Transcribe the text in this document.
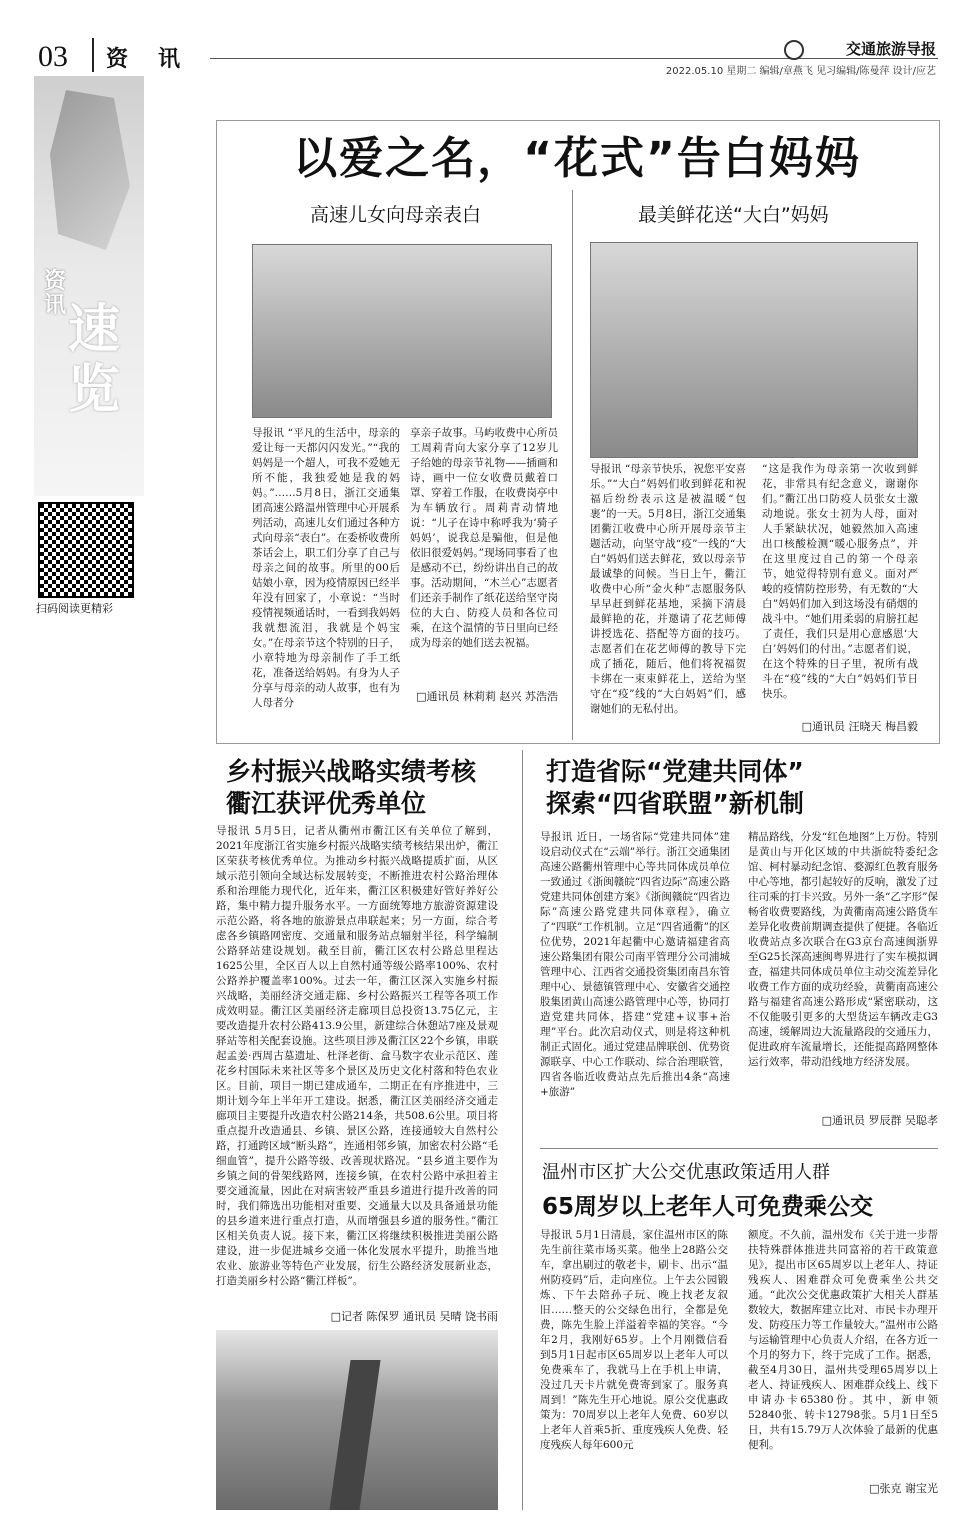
03 资讯	交通旅游导报
2022.05.10 星期二 编辑/章燕飞 见习编辑/陈曼萍 设计/应艺
资讯 速览
扫码阅读更精彩
以爱之名，“花式”告白妈妈
高速儿女向母亲表白
导报讯 “平凡的生活中，母亲的爱让每一天都闪闪发光。”“我的妈妈是一个超人，可我不爱她无所不能，我独爱她是我的妈妈。”……5月8日，浙江交通集团高速公路温州管理中心开展系列活动，高速儿女们通过各种方式向母亲“表白”。在委桥收费所茶话会上，职工们分享了自己与母亲之间的故事。所里的00后姑娘小章，因为疫情原因已经半年没有回家了，小章说：“当时疫情视频通话时，一看到我妈妈我就想流泪，我就是个妈宝女。”在母亲节这个特别的日子，小章特地为母亲制作了手工纸花，准备送给妈妈。有身为人子分享与母亲的动人故事，也有为人母者分
享亲子故事。马屿收费中心所员工周莉青向大家分享了12岁儿子给她的母亲节礼物——插画和诗，画中一位女收费员戴着口罩、穿着工作服，在收费岗亭中为车辆放行。周莉青动情地说：“儿子在诗中称呼我为‘骑子妈妈’，说我总是骗他，但是他依旧很爱妈妈。”现场同事看了也是感动不已，纷纷讲出自己的故事。活动期间，“木兰心”志愿者们还亲手制作了纸花送给坚守岗位的大白、防疫人员和各位司乘，在这个温情的节日里向已经成为母亲的她们送去祝福。
□通讯员 林莉莉 赵兴 苏浩浩
最美鲜花送“大白”妈妈
导报讯 “母亲节快乐，祝您平安喜乐。”“大白”妈妈们收到鲜花和祝福后纷纷表示这是被温暖“包裹”的一天。5月8日，浙江交通集团衢江收费中心所开展母亲节主题活动，向坚守战“疫”一线的“大白”妈妈们送去鲜花，致以母亲节最诚挚的问候。当日上午，衢江收费中心所“金火种”志愿服务队早早赶到鲜花基地，采摘下清晨最鲜艳的花，并邀请了花艺师傅讲授选花、搭配等方面的技巧。志愿者们在花艺师傅的教导下完成了插花，随后，他们将祝福贺卡绑在一束束鲜花上，送给为坚守在“疫”线的“大白妈妈”们，感谢她们的无私付出。
“这是我作为母亲第一次收到鲜花，非常具有纪念意义，谢谢你们。”衢江出口防疫人员张女士激动地说。张女士初为人母，面对人手紧缺状况，她毅然加入高速出口核酸检测“暖心服务点”，并在这里度过自己的第一个母亲节，她觉得特别有意义。面对严峻的疫情防控形势，有无数的“大白”妈妈们加入到这场没有硝烟的战斗中。“她们用柔弱的肩膀扛起了责任，我们只是用心意感恩‘大白’妈妈们的付出。”志愿者们说，在这个特殊的日子里，祝所有战斗在“疫”线的“大白”妈妈们节日快乐。
□通讯员 汪晓天 梅昌毅
乡村振兴战略实绩考核
衢江获评优秀单位
导报讯 5月5日，记者从衢州市衢江区有关单位了解到，2021年度浙江省实施乡村振兴战略实绩考核结果出炉，衢江区荣获考核优秀单位。为推动乡村振兴战略提质扩面，从区域示范引领向全域达标发展转变，不断推进农村公路治理体系和治理能力现代化，近年来，衢江区积极建好管好养好公路，集中精力提升服务水平。一方面统筹地方旅游资源建设示范公路，将各地的旅游景点串联起来；另一方面，综合考虑各乡镇路网密度、交通量和服务站点辐射半径，科学编制公路驿站建设规划。截至目前，衢江区农村公路总里程达1625公里，全区百人以上自然村通等级公路率100%、农村公路养护覆盖率100%。过去一年，衢江区深入实施乡村振兴战略，美丽经济交通走廊、乡村公路振兴工程等各项工作成效明显。衢江区美丽经济走廊项目总投资13.75亿元，主要改造提升农村公路413.9公里，新建综合休憩站7座及景观驿站等相关配套设施。这些项目涉及衢江区22个乡镇，串联起孟姜·西周古墓遗址、杜泽老街、盒马数字农业示范区、莲花乡村国际未来社区等多个景区及历史文化村落和特色农业区。目前，项目一期已建成通车，二期正在有序推进中，三期计划今年上半年开工建设。据悉，衢江区美丽经济交通走廊项目主要提升改造农村公路214条，共508.6公里。项目将重点提升改造通县、乡镇、景区公路，连接通较大自然村公路，打通跨区域“断头路”，连通相邻乡镇，加密农村公路“毛细血管”，提升公路等级、改善现状路况。“县乡道主要作为乡镇之间的骨架线路网，连接乡镇，在农村公路中承担着主要交通流量，因此在对病害较严重县乡道进行提升改善的同时，我们筛选出功能相对重要、交通量大以及具备通景功能的县乡道来进行重点打造，从而增强县乡道的服务性。”衢江区相关负责人说。接下来，衢江区将继续积极推进美丽公路建设，进一步促进城乡交通一体化发展水平提升，助推当地农业、旅游业等特色产业发展，衍生公路经济发展新业态，打造美丽乡村公路“衢江样板”。
□记者 陈保罗 通讯员 吴晴 饶书雨
打造省际“党建共同体”
探索“四省联盟”新机制
导报讯 近日，一场省际“党建共同体”建设启动仪式在“云端”举行。浙江交通集团高速公路衢州管理中心等共同体成员单位一致通过《浙闽赣皖“四省边际”高速公路党建共同体创建方案》《浙闽赣皖“四省边际”高速公路党建共同体章程》，确立了“四联”工作机制。立足“四省通衢”的区位优势，2021年起衢中心邀请福建省高速公路集团有限公司南平管理分公司浦城管理中心、江西省交通投资集团南昌东管理中心、景德镇管理中心、安徽省交通控股集团黄山高速公路管理中心等，协同打造党建共同体，搭建“党建+议事+治理”平台。此次启动仪式，则是将这种机制正式固化。通过党建品牌联创、优势资源联享、中心工作联动、综合治理联管，四省各临近收费站点先后推出4条“高速+旅游”
精品路线，分发“红色地图”上万份。特别是黄山与开化区域的中共浙皖特委纪念馆、柯村暴动纪念馆、婺源红色教育服务中心等地，都引起较好的反响，激发了过往司乘的打卡兴致。另外一条“乙字形”保畅省收费要路线，为黄衢南高速公路货车差异化收费前期调查提供了便捷。各临近收费站点多次联合在G3京台高速闽浙界至G25长深高速闽粤界进行了实车模拟调查，福建共同体成员单位主动交流差异化收费工作方面的成功经验，黄衢南高速公路与福建省高速公路形成“紧密联动，这不仅能吸引更多的大型货运车辆改走G3高速，缓解周边大流量路段的交通压力，促进政府车流量增长，还能提高路网整体运行效率，带动沿线地方经济发展。
□通讯员 罗辰群 吴聪孝
温州市区扩大公交优惠政策适用人群
65周岁以上老年人可免费乘公交
导报讯 5月1日清晨，家住温州市区的陈先生前往菜市场买菜。他坐上28路公交车，拿出刷过的敬老卡，刷卡、出示“温州防疫码”后，走向座位。上午去公园锻炼、下午去陪孙子玩、晚上找老友叙旧……整天的公交绿色出行，全都是免费，陈先生脸上洋溢着幸福的笑容。“今年2月，我刚好65岁。上个月刚微信看到5月1日起市区65周岁以上老年人可以免费乘车了，我就马上在手机上申请，没过几天卡片就免费寄到家了。服务真周到！”陈先生开心地说。原公交优惠政策为：70周岁以上老年人免费、60岁以上老年人首乘5折、重度残疾人免费、轻度残疾人每年600元
额度。不久前，温州发布《关于进一步帮扶特殊群体推进共同富裕的若干政策意见》，提出市区65周岁以上老年人、持证残疾人、困难群众可免费乘坐公共交通。“此次公交优惠政策扩大相关人群基数较大，数据库建立比对、市民卡办理开发、防疫压力等工作量较大。”温州市公路与运输管理中心负责人介绍，在各方近一个月的努力下，终于完成了工作。据悉，截至4月30日，温州共受理65周岁以上老人、持证残疾人、困难群众线上、线下申请办卡65380份。其中，新申领52840张、转卡12798张。5月1日至5日，共有15.79万人次体验了最新的优惠便利。
□张克 谢宝光
